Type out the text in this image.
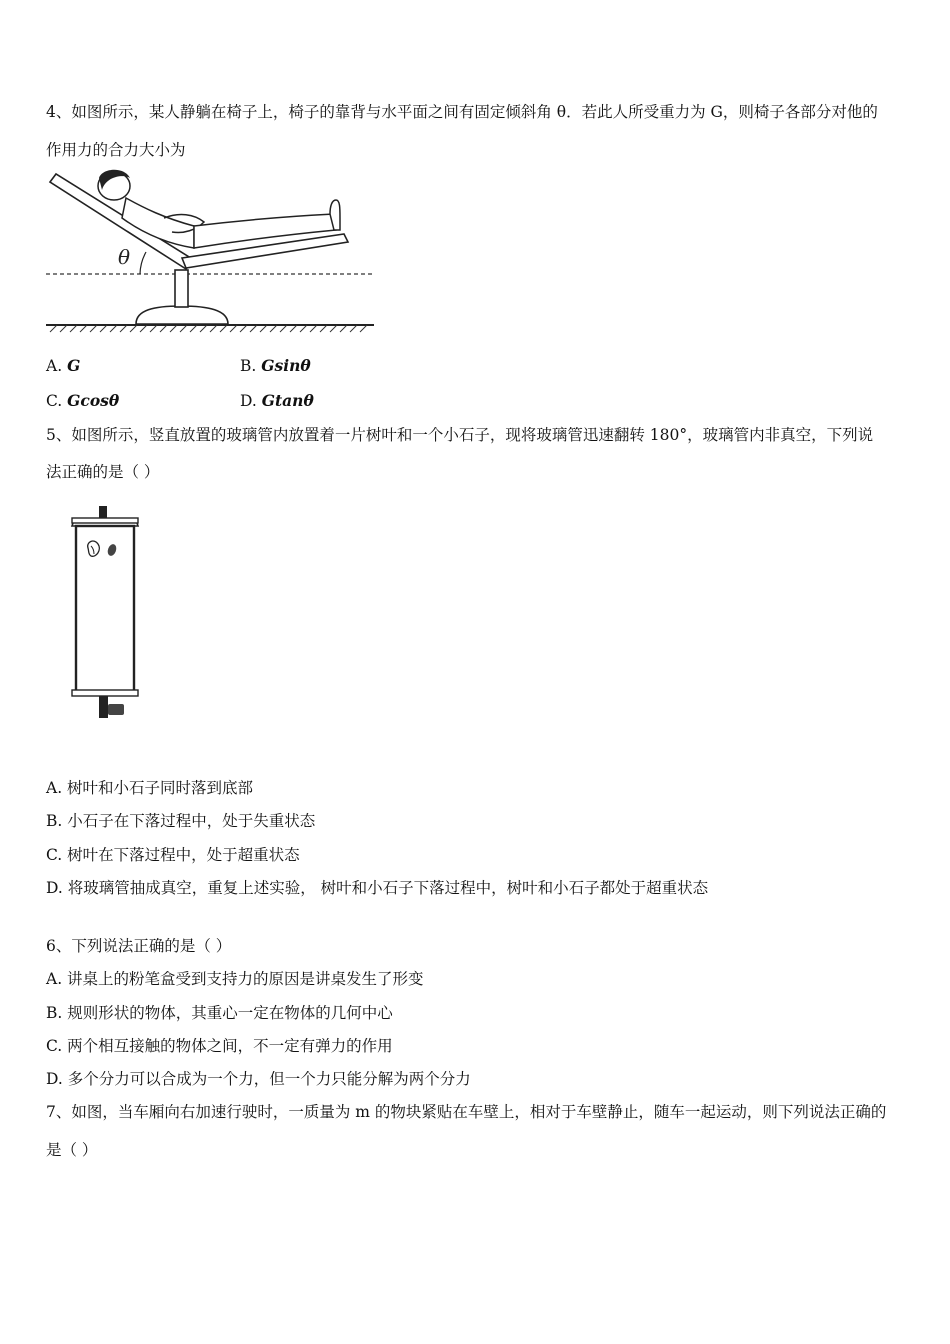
4、如图所示，某人静躺在椅子上，椅子的靠背与水平面之间有固定倾斜角 θ．若此人所受重力为 G，则椅子各部分对他的
作用力的合力大小为
θ
A. G	B. Gsinθ
C. Gcosθ	D. Gtanθ
5、如图所示，竖直放置的玻璃管内放置着一片树叶和一个小石子，现将玻璃管迅速翻转 180°，玻璃管内非真空，下列说
法正确的是（ ）
A. 树叶和小石子同时落到底部
B. 小石子在下落过程中，处于失重状态
C. 树叶在下落过程中，处于超重状态
D. 将玻璃管抽成真空，重复上述实验， 树叶和小石子下落过程中，树叶和小石子都处于超重状态
6、下列说法正确的是（ ）
A. 讲桌上的粉笔盒受到支持力的原因是讲桌发生了形变
B. 规则形状的物体，其重心一定在物体的几何中心
C. 两个相互接触的物体之间，不一定有弹力的作用
D. 多个分力可以合成为一个力，但一个力只能分解为两个分力
7、如图，当车厢向右加速行驶时，一质量为 m 的物块紧贴在车壁上，相对于车壁静止，随车一起运动，则下列说法正确的
是（ ）
